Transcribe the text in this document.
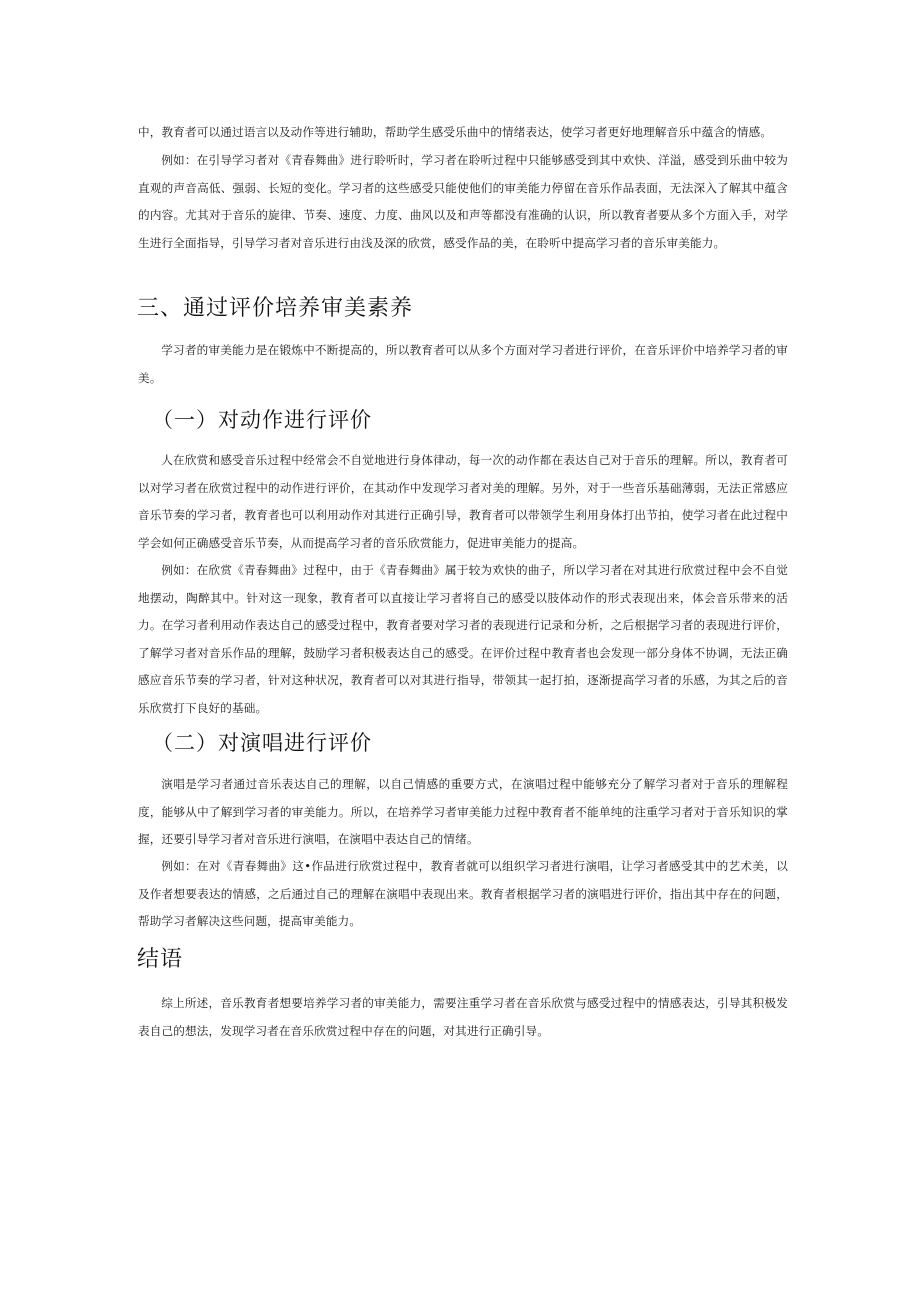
中，教育者可以通过语言以及动作等进行辅助，帮助学生感受乐曲中的情绪表达，使学习者更好地理解音乐中蕴含的情感。

例如：在引导学习者对《青春舞曲》进行聆听时，学习者在聆听过程中只能够感受到其中欢快、洋溢，感受到乐曲中较为直观的声音高低、强弱、长短的变化。学习者的这些感受只能使他们的审美能力停留在音乐作品表面，无法深入了解其中蕴含的内容。尤其对于音乐的旋律、节奏、速度、力度、曲风以及和声等都没有准确的认识，所以教育者要从多个方面入手，对学生进行全面指导，引导学习者对音乐进行由浅及深的欣赏，感受作品的美，在聆听中提高学习者的音乐审美能力。

三、通过评价培养审美素养

学习者的审美能力是在锻炼中不断提高的，所以教育者可以从多个方面对学习者进行评价，在音乐评价中培养学习者的审美。

（一）对动作进行评价

人在欣赏和感受音乐过程中经常会不自觉地进行身体律动，每一次的动作都在表达自己对于音乐的理解。所以，教育者可以对学习者在欣赏过程中的动作进行评价，在其动作中发现学习者对美的理解。另外，对于一些音乐基础薄弱，无法正常感应音乐节奏的学习者，教育者也可以利用动作对其进行正确引导，教育者可以带领学生利用身体打出节拍，使学习者在此过程中学会如何正确感受音乐节奏，从而提高学习者的音乐欣赏能力，促进审美能力的提高。

例如：在欣赏《青春舞曲》过程中，由于《青春舞曲》属于较为欢快的曲子，所以学习者在对其进行欣赏过程中会不自觉地摆动，陶醉其中。针对这一现象，教育者可以直接让学习者将自己的感受以肢体动作的形式表现出来，体会音乐带来的活力。在学习者利用动作表达自己的感受过程中，教育者要对学习者的表现进行记录和分析，之后根据学习者的表现进行评价，了解学习者对音乐作品的理解，鼓励学习者积极表达自己的感受。在评价过程中教育者也会发现一部分身体不协调，无法正确感应音乐节奏的学习者，针对这种状况，教育者可以对其进行指导，带领其一起打拍，逐渐提高学习者的乐感，为其之后的音乐欣赏打下良好的基础。

（二）对演唱进行评价

演唱是学习者通过音乐表达自己的理解，以自己情感的重要方式，在演唱过程中能够充分了解学习者对于音乐的理解程度，能够从中了解到学习者的审美能力。所以，在培养学习者审美能力过程中教育者不能单纯的注重学习者对于音乐知识的掌握，还要引导学习者对音乐进行演唱，在演唱中表达自己的情绪。

例如：在对《青春舞曲》这•作品进行欣赏过程中，教育者就可以组织学习者进行演唱，让学习者感受其中的艺术美，以及作者想要表达的情感，之后通过自己的理解在演唱中表现出来。教育者根据学习者的演唱进行评价，指出其中存在的问题，帮助学习者解决这些问题，提高审美能力。

结语

综上所述，音乐教育者想要培养学习者的审美能力，需要注重学习者在音乐欣赏与感受过程中的情感表达，引导其积极发表自己的想法，发现学习者在音乐欣赏过程中存在的问题，对其进行正确引导。
